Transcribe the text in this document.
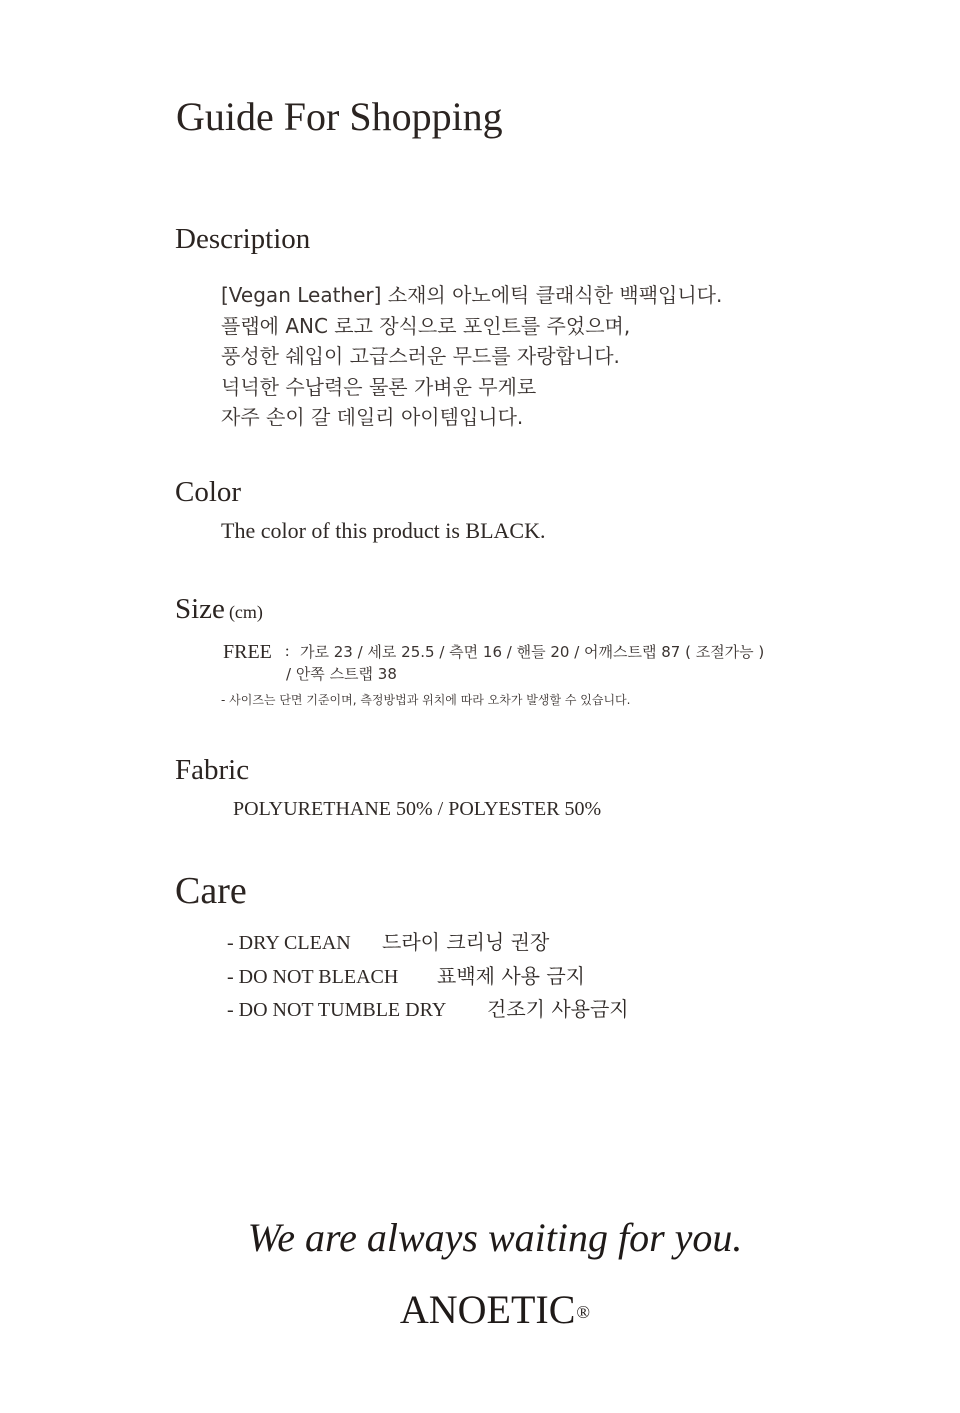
Guide For Shopping
Description
[Vegan Leather] 소재의 아노에틱 클래식한 백팩입니다.
플랩에 ANC 로고 장식으로 포인트를 주었으며,
풍성한 쉐입이 고급스러운 무드를 자랑합니다.
넉넉한 수납력은 물론 가벼운 무게로
자주 손이 갈 데일리 아이템입니다.
Color
The color of this product is BLACK.
Size (cm)
FREE : 가로 23 / 세로 25.5 / 측면 16 / 핸들 20 / 어깨스트랩 87 ( 조절가능 )
/ 안쪽 스트랩 38
- 사이즈는 단면 기준이며, 측정방법과 위치에 따라 오차가 발생할 수 있습니다.
Fabric
POLYURETHANE 50% / POLYESTER 50%
Care
- DRY CLEAN 드라이 크리닝 권장
- DO NOT BLEACH 표백제 사용 금지
- DO NOT TUMBLE DRY 건조기 사용금지
We are always waiting for you.
ANOETIC®
